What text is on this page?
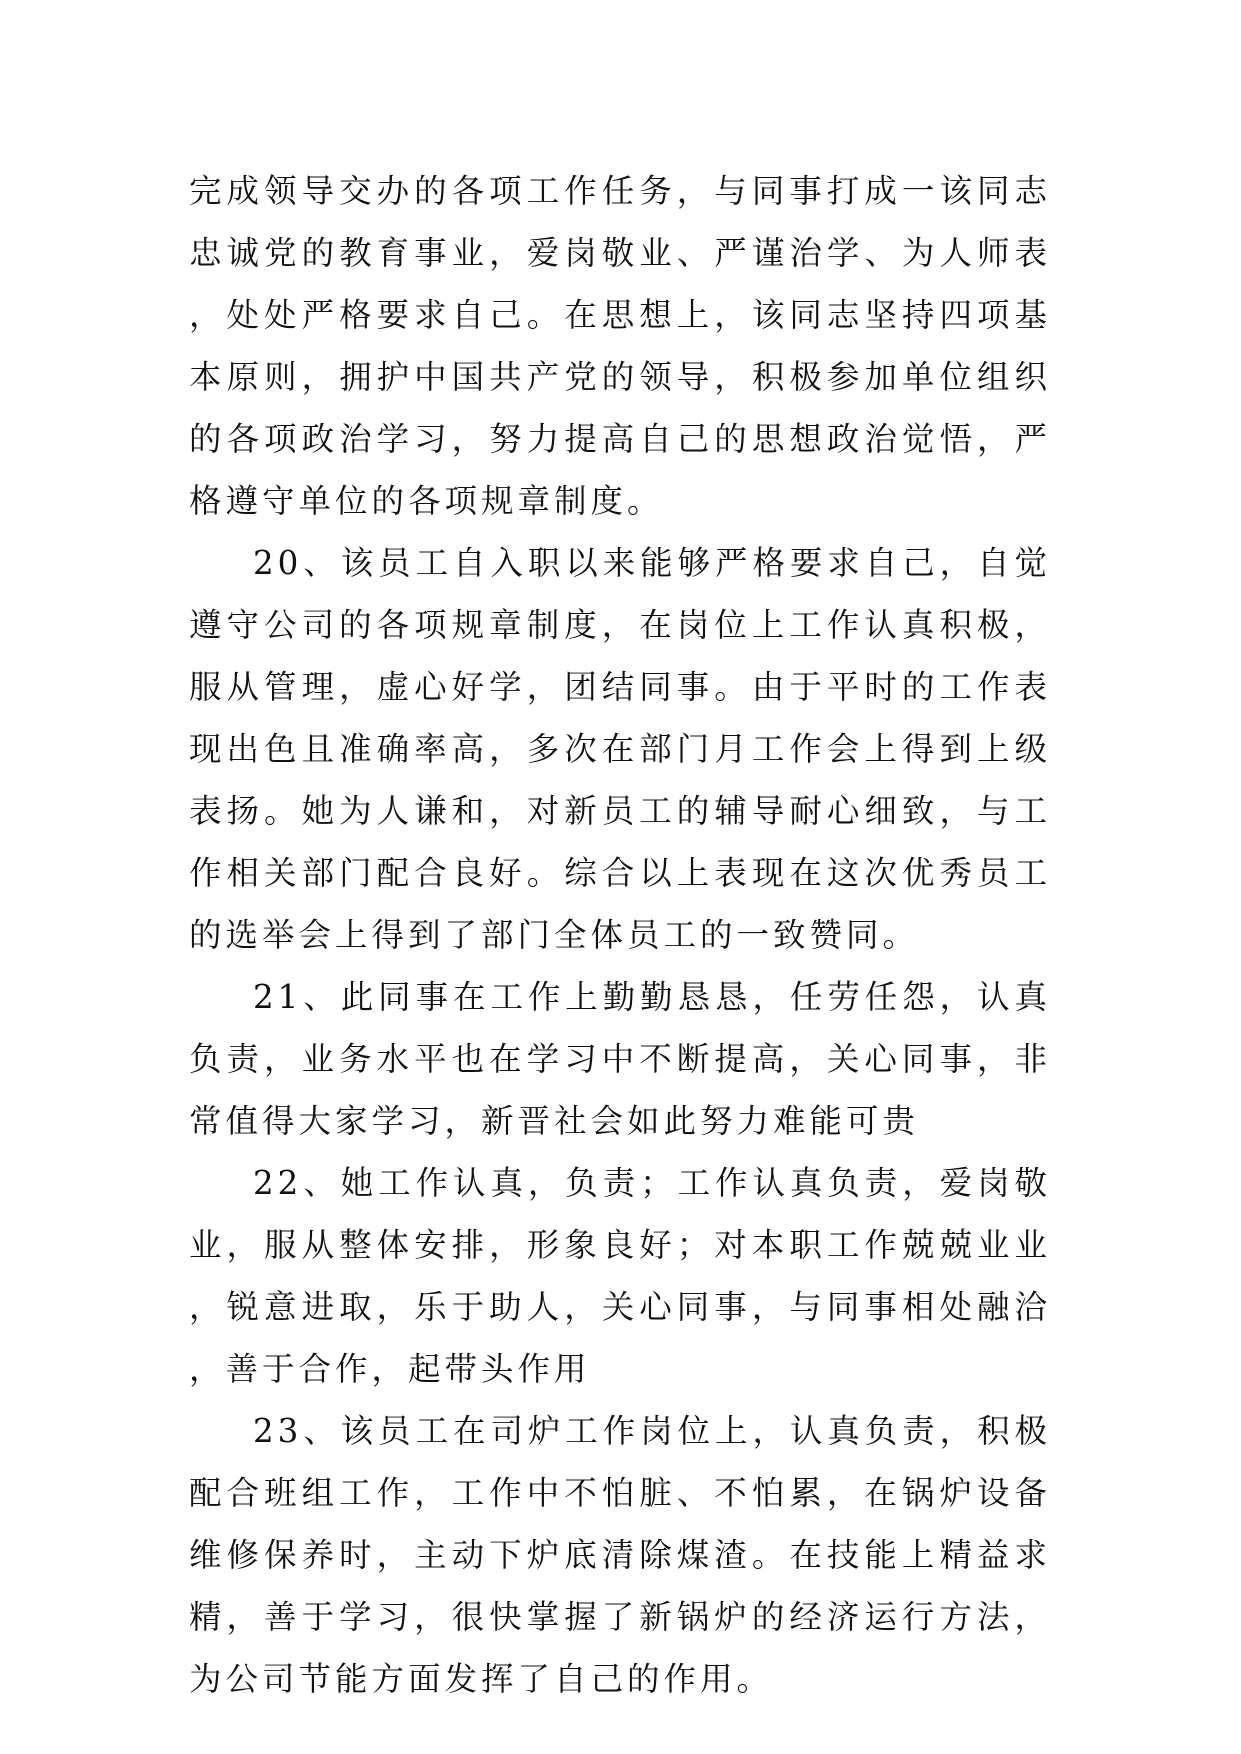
完成领导交办的各项工作任务，与同事打成一该同志忠诚党的教育事业，爱岗敬业、严谨治学、为人师表，处处严格要求自己。在思想上，该同志坚持四项基本原则，拥护中国共产党的领导，积极参加单位组织的各项政治学习，努力提高自己的思想政治觉悟，严格遵守单位的各项规章制度。

20、该员工自入职以来能够严格要求自己，自觉遵守公司的各项规章制度，在岗位上工作认真积极，服从管理，虚心好学，团结同事。由于平时的工作表现出色且准确率高，多次在部门月工作会上得到上级表扬。她为人谦和，对新员工的辅导耐心细致，与工作相关部门配合良好。综合以上表现在这次优秀员工的选举会上得到了部门全体员工的一致赞同。

21、此同事在工作上勤勤恳恳，任劳任怨，认真负责，业务水平也在学习中不断提高，关心同事，非常值得大家学习，新晋社会如此努力难能可贵

22、她工作认真，负责；工作认真负责，爱岗敬业，服从整体安排，形象良好；对本职工作兢兢业业，锐意进取，乐于助人，关心同事，与同事相处融洽，善于合作，起带头作用

23、该员工在司炉工作岗位上，认真负责，积极配合班组工作，工作中不怕脏、不怕累，在锅炉设备维修保养时，主动下炉底清除煤渣。在技能上精益求精，善于学习，很快掌握了新锅炉的经济运行方法，为公司节能方面发挥了自己的作用。
